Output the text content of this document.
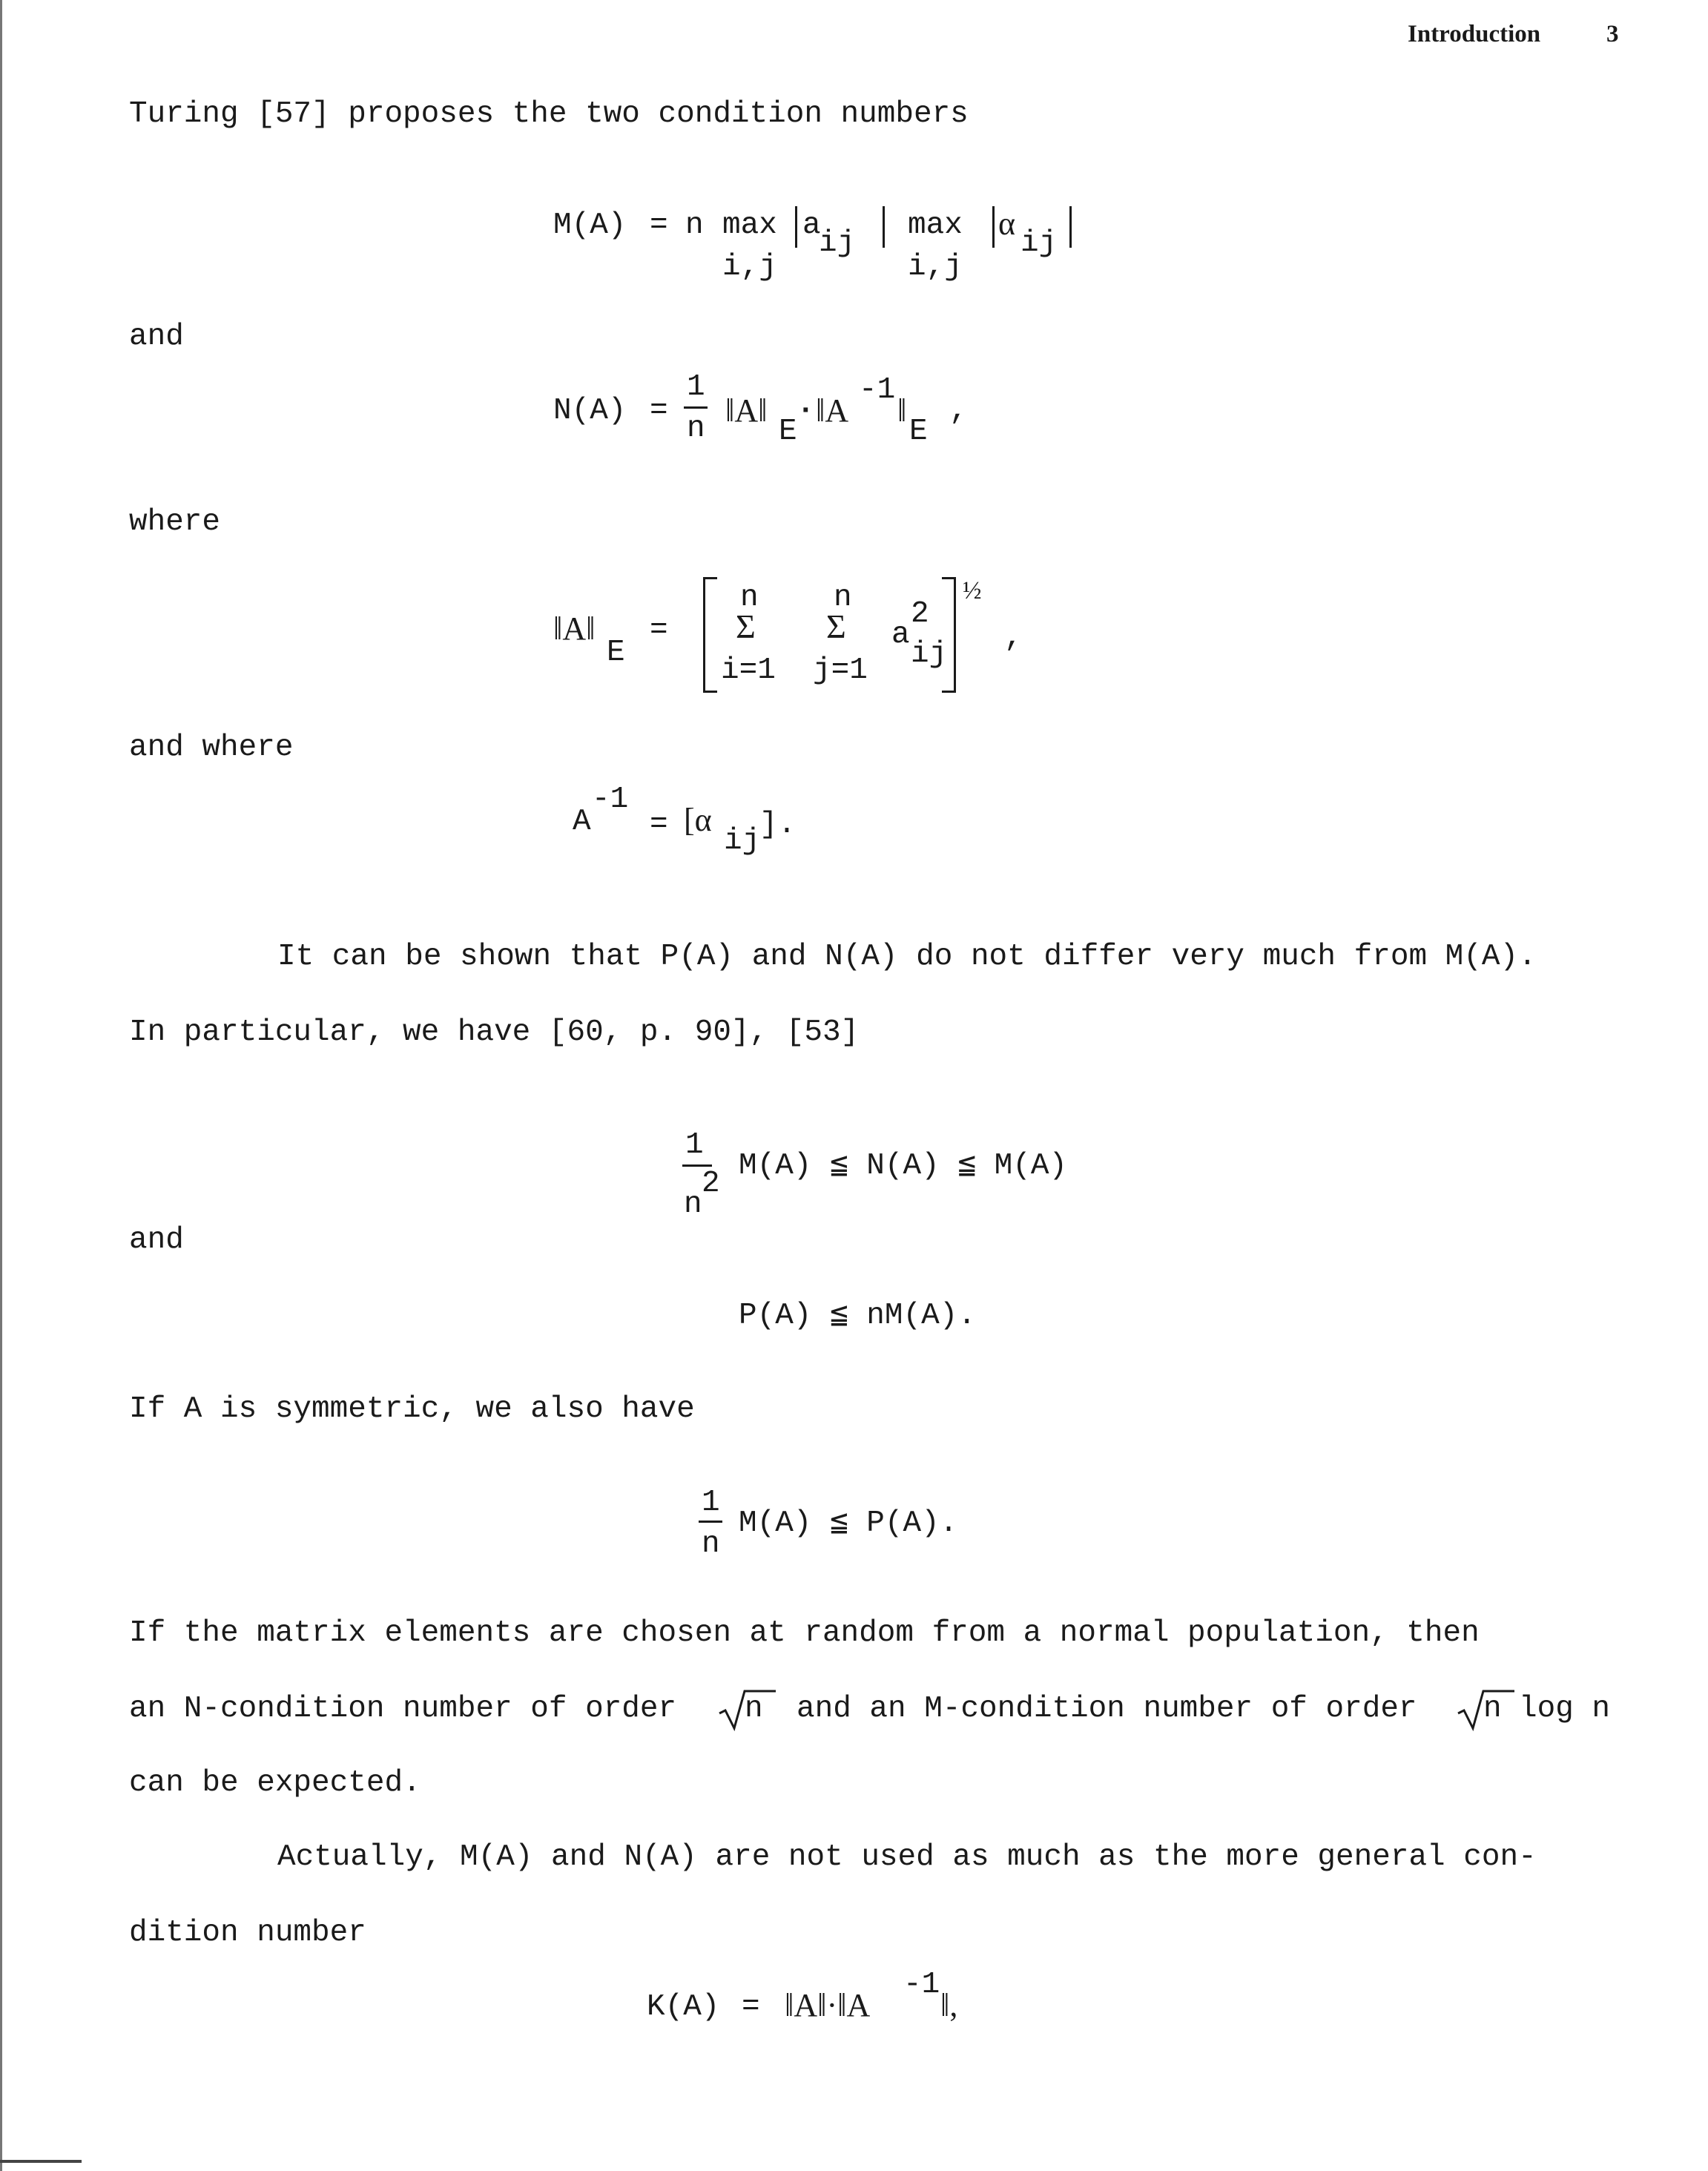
Introduction	3
Turing [57] proposes the two condition numbers
M(A) = n max
i,j
a
ij
max
i,j
α
ij
and
N(A) =
1
n ‖A‖
E
· ‖A
-1
‖
E
,
where
‖A‖
E
=
n
Σ
i=1
n
Σ
j=1
a
2
ij
½
,
and where
A
-1
= [α
ij
].
It can be shown that P(A) and N(A) do not differ very much from M(A).
In particular, we have [60, p. 90], [53]
1
n
2
M(A) ≦ N(A) ≦ M(A)
and
P(A) ≦ nM(A).
If A is symmetric, we also have
1
n
M(A) ≦ P(A).
If the matrix elements are chosen at random from a normal population, then
an N-condition number of order n and an M-condition number of order n log n
can be expected.
Actually, M(A) and N(A) are not used as much as the more general con-
dition number
K(A) = ‖A‖·‖A
-1
‖,
